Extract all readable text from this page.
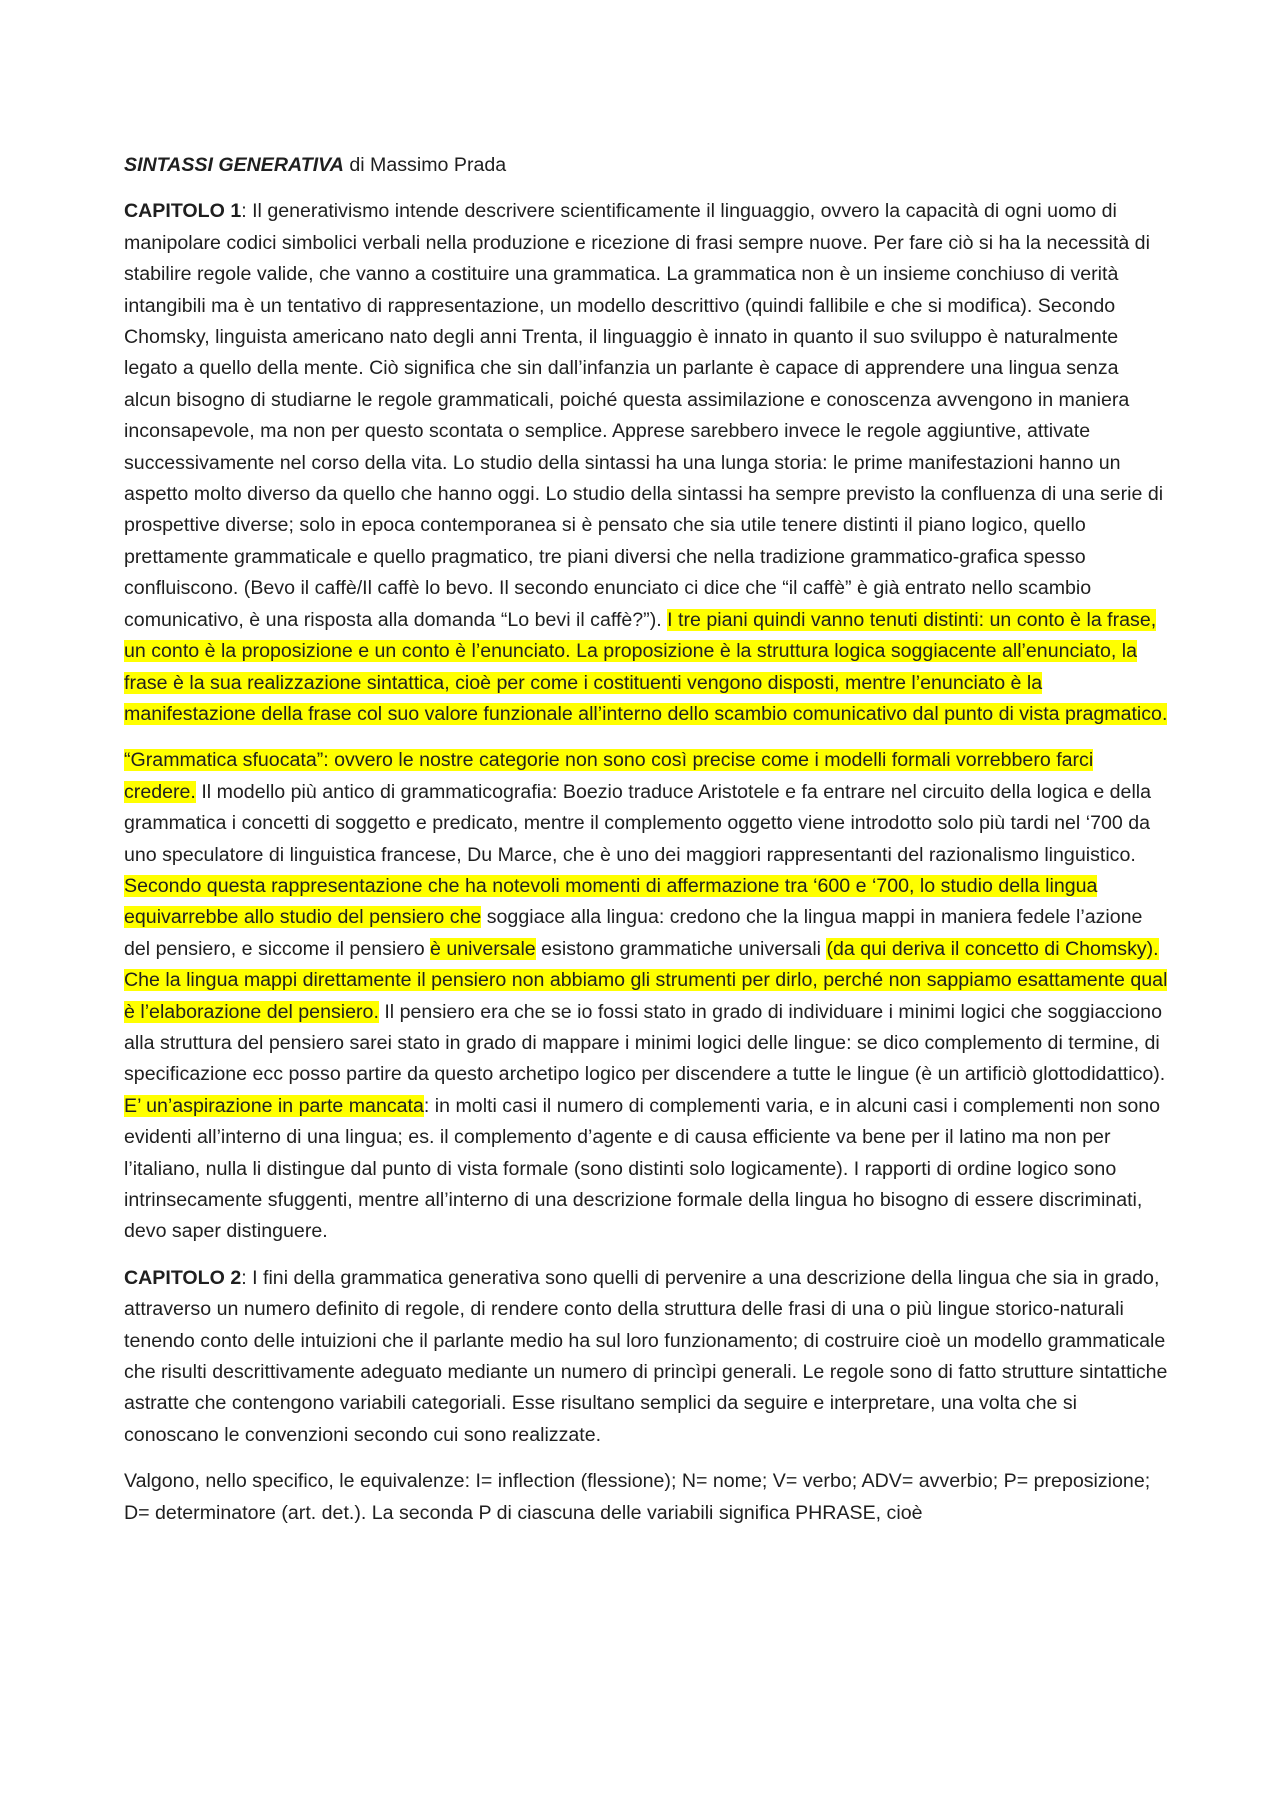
SINTASSI GENERATIVA di Massimo Prada

CAPITOLO 1: Il generativismo intende descrivere scientificamente il linguaggio, ovvero la capacità di ogni uomo di manipolare codici simbolici verbali nella produzione e ricezione di frasi sempre nuove. Per fare ciò si ha la necessità di stabilire regole valide, che vanno a costituire una grammatica. La grammatica non è un insieme conchiuso di verità intangibili ma è un tentativo di rappresentazione, un modello descrittivo (quindi fallibile e che si modifica). Secondo Chomsky, linguista americano nato degli anni Trenta, il linguaggio è innato in quanto il suo sviluppo è naturalmente legato a quello della mente. Ciò significa che sin dall’infanzia un parlante è capace di apprendere una lingua senza alcun bisogno di studiarne le regole grammaticali, poiché questa assimilazione e conoscenza avvengono in maniera inconsapevole, ma non per questo scontata o semplice. Apprese sarebbero invece le regole aggiuntive, attivate successivamente nel corso della vita. Lo studio della sintassi ha una lunga storia: le prime manifestazioni hanno un aspetto molto diverso da quello che hanno oggi. Lo studio della sintassi ha sempre previsto la confluenza di una serie di prospettive diverse; solo in epoca contemporanea si è pensato che sia utile tenere distinti il piano logico, quello prettamente grammaticale e quello pragmatico, tre piani diversi che nella tradizione grammatico-grafica spesso confluiscono. (Bevo il caffè/Il caffè lo bevo. Il secondo enunciato ci dice che “il caffè” è già entrato nello scambio comunicativo, è una risposta alla domanda “Lo bevi il caffè?”). I tre piani quindi vanno tenuti distinti: un conto è la frase, un conto è la proposizione e un conto è l’enunciato. La proposizione è la struttura logica soggiacente all’enunciato, la frase è la sua realizzazione sintattica, cioè per come i costituenti vengono disposti, mentre l’enunciato è la manifestazione della frase col suo valore funzionale all’interno dello scambio comunicativo dal punto di vista pragmatico.

“Grammatica sfuocata”: ovvero le nostre categorie non sono così precise come i modelli formali vorrebbero farci credere. Il modello più antico di grammaticografia: Boezio traduce Aristotele e fa entrare nel circuito della logica e della grammatica i concetti di soggetto e predicato, mentre il complemento oggetto viene introdotto solo più tardi nel ‘700 da uno speculatore di linguistica francese, Du Marce, che è uno dei maggiori rappresentanti del razionalismo linguistico. Secondo questa rappresentazione che ha notevoli momenti di affermazione tra ‘600 e ‘700, lo studio della lingua equivarrebbe allo studio del pensiero che soggiace alla lingua: credono che la lingua mappi in maniera fedele l’azione del pensiero, e siccome il pensiero è universale esistono grammatiche universali (da qui deriva il concetto di Chomsky). Che la lingua mappi direttamente il pensiero non abbiamo gli strumenti per dirlo, perché non sappiamo esattamente qual è l’elaborazione del pensiero. Il pensiero era che se io fossi stato in grado di individuare i minimi logici che soggiacciono alla struttura del pensiero sarei stato in grado di mappare i minimi logici delle lingue: se dico complemento di termine, di specificazione ecc posso partire da questo archetipo logico per discendere a tutte le lingue (è un artificiò glottodidattico). E’ un’aspirazione in parte mancata: in molti casi il numero di complementi varia, e in alcuni casi i complementi non sono evidenti all’interno di una lingua; es. il complemento d’agente e di causa efficiente va bene per il latino ma non per l’italiano, nulla li distingue dal punto di vista formale (sono distinti solo logicamente). I rapporti di ordine logico sono intrinsecamente sfuggenti, mentre all’interno di una descrizione formale della lingua ho bisogno di essere discriminati, devo saper distinguere.

CAPITOLO 2: I fini della grammatica generativa sono quelli di pervenire a una descrizione della lingua che sia in grado, attraverso un numero definito di regole, di rendere conto della struttura delle frasi di una o più lingue storico-naturali tenendo conto delle intuizioni che il parlante medio ha sul loro funzionamento; di costruire cioè un modello grammaticale che risulti descrittivamente adeguato mediante un numero di princìpi generali. Le regole sono di fatto strutture sintattiche astratte che contengono variabili categoriali. Esse risultano semplici da seguire e interpretare, una volta che si conoscano le convenzioni secondo cui sono realizzate.

Valgono, nello specifico, le equivalenze: I= inflection (flessione); N= nome; V= verbo; ADV= avverbio; P= preposizione; D= determinatore (art. det.). La seconda P di ciascuna delle variabili significa PHRASE, cioè
